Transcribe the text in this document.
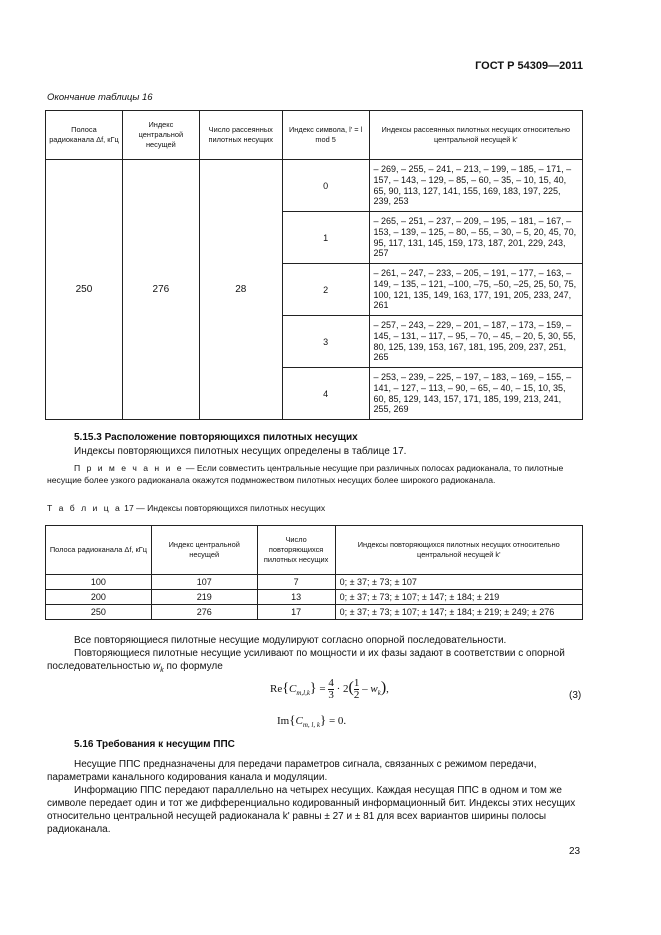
ГОСТ Р 54309—2011
Окончание таблицы 16
Полоса радиоканала Δf, кГц	Индекс центральной несущей	Число рассеянных пилотных несущих	Индекс символа, l' = l mod 5	Индексы рассеянных пилотных несущих относительно центральной несущей k'
250	276	28	0	– 269, – 255, – 241, – 213, – 199, – 185, – 171, – 157, – 143, – 129, – 85, – 60, – 35, – 10, 15, 40, 65, 90, 113, 127, 141, 155, 169, 183, 197, 225, 239, 253
			1	– 265, – 251, – 237, – 209, – 195, – 181, – 167, – 153, – 139, – 125, – 80, – 55, – 30, – 5, 20, 45, 70, 95, 117, 131, 145, 159, 173, 187, 201, 229, 243, 257
			2	– 261, – 247, – 233, – 205, – 191, – 177, – 163, – 149, – 135, – 121, –100, –75, –50, –25, 25, 50, 75, 100, 121, 135, 149, 163, 177, 191, 205, 233, 247, 261
			3	– 257, – 243, – 229, – 201, – 187, – 173, – 159, – 145, – 131, – 117, – 95, – 70, – 45, – 20, 5, 30, 55, 80, 125, 139, 153, 167, 181, 195, 209, 237, 251, 265
			4	– 253, – 239, – 225, – 197, – 183, – 169, – 155, – 141, – 127, – 113, – 90, – 65, – 40, – 15, 10, 35, 60, 85, 129, 143, 157, 171, 185, 199, 213, 241, 255, 269
5.15.3 Расположение повторяющихся пилотных несущих
Индексы повторяющихся пилотных несущих определены в таблице 17.
П р и м е ч а н и е — Если совместить центральные несущие при различных полосах радиоканала, то пилотные несущие более узкого радиоканала окажутся подмножеством пилотных несущих более широкого радиоканала.
Т а б л и ц а 17 — Индексы повторяющихся пилотных несущих
Полоса радиоканала Δf, кГц	Индекс центральной несущей	Число повторяющихся пилотных несущих	Индексы повторяющихся пилотных несущих относительно центральной несущей k'
100	107	7	0; ± 37; ± 73; ± 107
200	219	13	0; ± 37; ± 73; ± 107; ± 147; ± 184; ± 219
250	276	17	0; ± 37; ± 73; ± 107; ± 147; ± 184; ± 219; ± 249; ± 276
Все повторяющиеся пилотные несущие модулируют согласно опорной последовательности.
Повторяющиеся пилотные несущие усиливают по мощности и их фазы задают в соответствии с опорной последовательностью $w_k$ по формуле
$Re\{C_{m,l,k}\} = \frac{4}{3} \cdot 2( \frac{1}{2} - w_k)$,
(3)
$Im\{C_{m, l, k}\} = 0$.
5.16 Требования к несущим ППС
Несущие ППС предназначены для передачи параметров сигнала, связанных с режимом передачи, параметрами канального кодирования канала и модуляции.
Информацию ППС передают параллельно на четырех несущих. Каждая несущая ППС в одном и том же символе передает один и тот же дифференциально кодированный информационный бит. Индексы этих несущих относительно центральной несущей радиоканала k' равны ± 27 и ± 81 для всех вариантов ширины полосы радиоканала.
23
